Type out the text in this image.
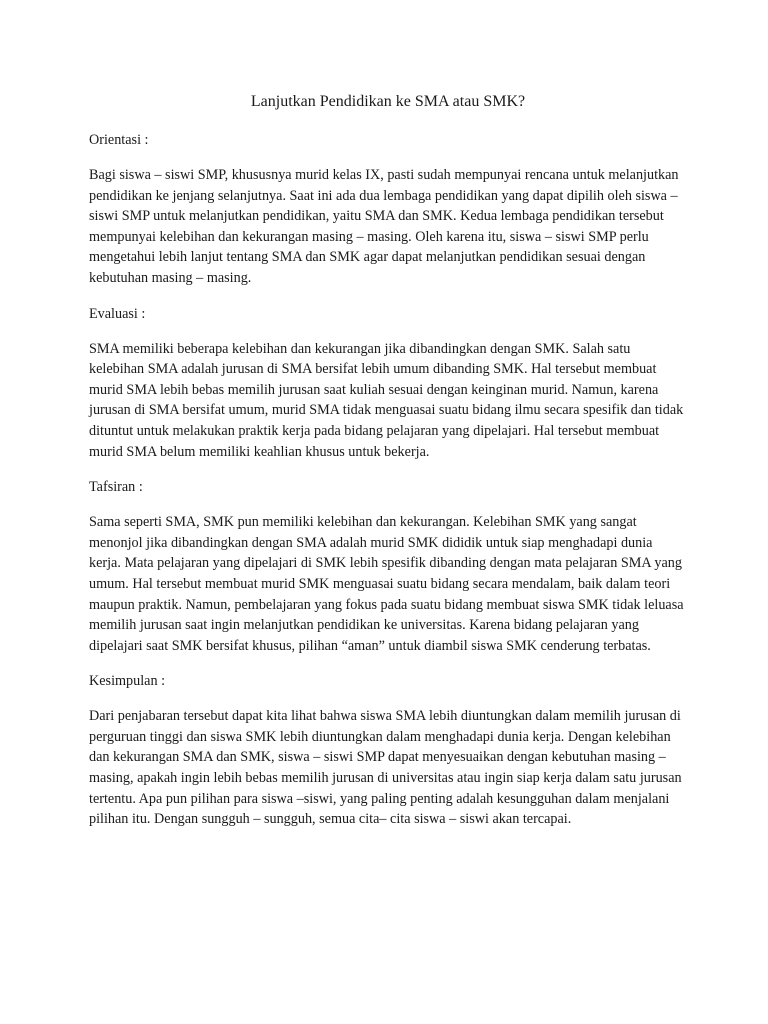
Lanjutkan Pendidikan ke SMA atau SMK?
Orientasi :
Bagi siswa – siswi SMP, khususnya murid kelas IX, pasti sudah mempunyai rencana untuk melanjutkan pendidikan ke jenjang selanjutnya. Saat ini ada dua lembaga pendidikan yang dapat dipilih oleh siswa – siswi SMP untuk melanjutkan pendidikan, yaitu SMA dan SMK. Kedua lembaga pendidikan tersebut mempunyai kelebihan dan kekurangan masing – masing. Oleh karena itu, siswa – siswi SMP perlu mengetahui lebih lanjut tentang SMA dan SMK agar dapat melanjutkan pendidikan sesuai dengan kebutuhan masing – masing.
Evaluasi :
SMA memiliki beberapa kelebihan dan kekurangan jika dibandingkan dengan SMK. Salah satu kelebihan SMA adalah jurusan di SMA bersifat lebih umum dibanding SMK. Hal tersebut membuat murid SMA lebih bebas memilih jurusan saat kuliah sesuai dengan keinginan murid. Namun, karena jurusan di SMA bersifat umum, murid SMA tidak menguasai suatu bidang ilmu secara spesifik dan tidak dituntut untuk melakukan praktik kerja pada bidang pelajaran yang dipelajari. Hal tersebut membuat murid SMA belum memiliki keahlian khusus untuk bekerja.
Tafsiran :
Sama seperti SMA, SMK pun memiliki kelebihan dan kekurangan. Kelebihan SMK yang sangat menonjol jika dibandingkan dengan SMA adalah murid SMK dididik untuk siap menghadapi dunia kerja. Mata pelajaran yang dipelajari di SMK lebih spesifik dibanding dengan mata pelajaran SMA yang umum. Hal tersebut membuat murid SMK menguasai suatu bidang secara mendalam, baik dalam teori maupun praktik. Namun, pembelajaran yang fokus pada suatu bidang membuat siswa SMK tidak leluasa memilih jurusan saat ingin melanjutkan pendidikan ke universitas. Karena bidang pelajaran yang dipelajari saat SMK bersifat khusus, pilihan “aman” untuk diambil siswa SMK cenderung terbatas.
Kesimpulan :
Dari penjabaran tersebut dapat kita lihat bahwa siswa SMA lebih diuntungkan dalam memilih jurusan di perguruan tinggi dan siswa SMK lebih diuntungkan dalam menghadapi dunia kerja. Dengan kelebihan dan kekurangan SMA dan SMK, siswa – siswi SMP dapat menyesuaikan dengan kebutuhan masing – masing, apakah ingin lebih bebas memilih jurusan di universitas atau ingin siap kerja dalam satu jurusan tertentu. Apa pun pilihan para siswa –siswi, yang paling penting adalah kesungguhan dalam menjalani pilihan itu. Dengan sungguh – sungguh, semua cita– cita siswa – siswi akan tercapai.
